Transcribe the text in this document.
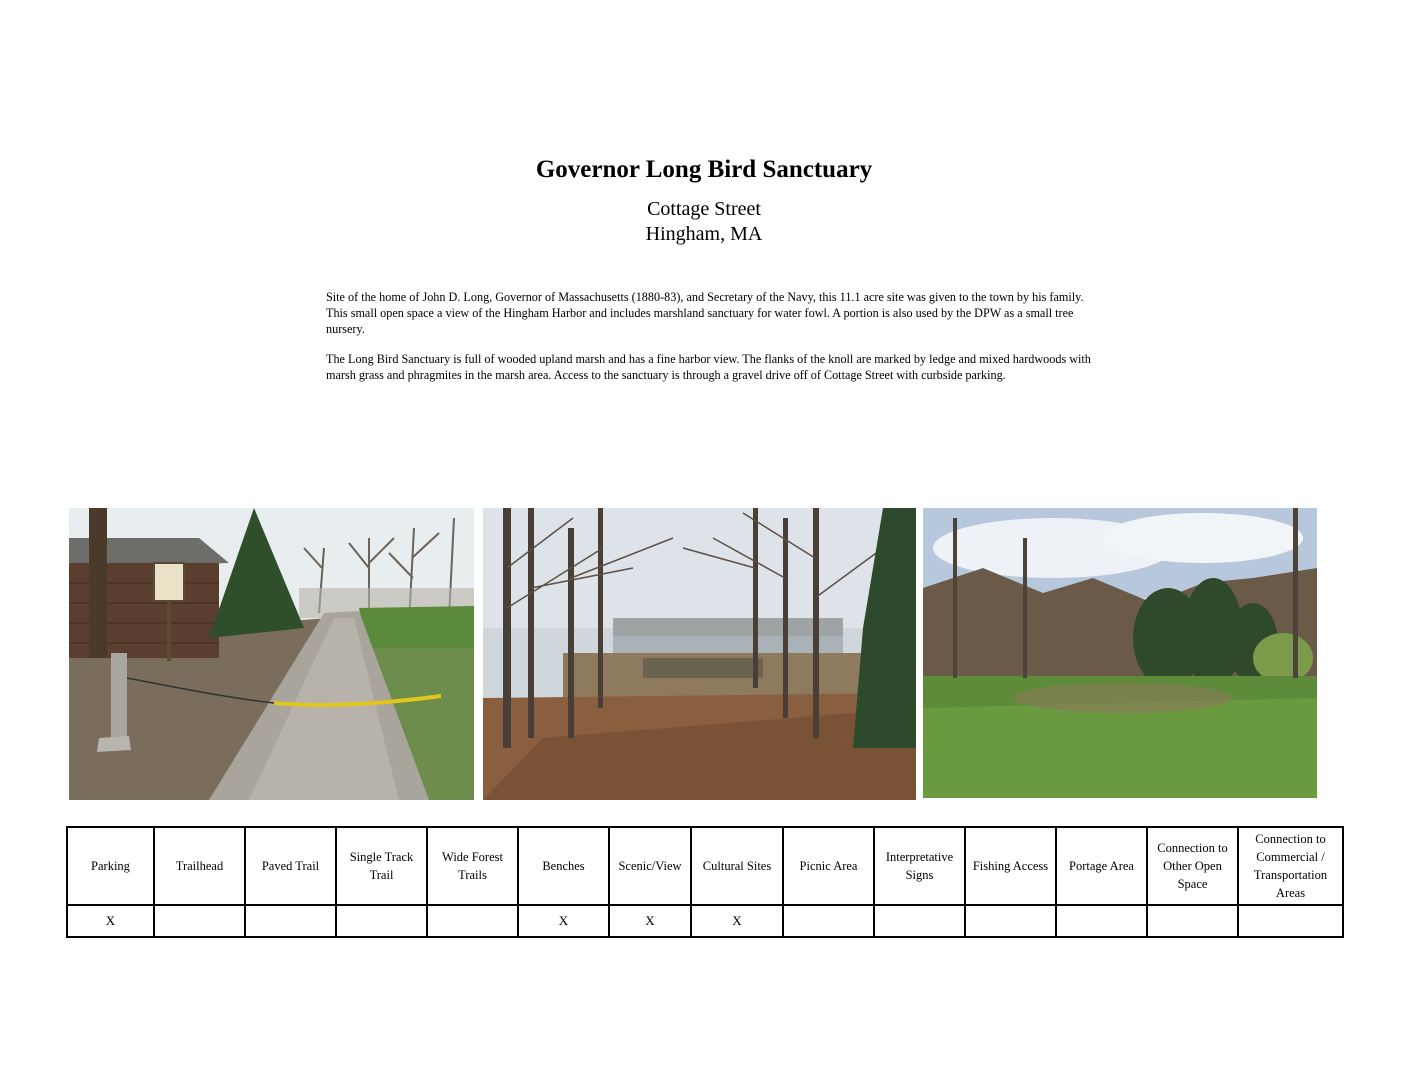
Governor Long Bird Sanctuary
Cottage Street
Hingham, MA
Site of the home of John D. Long, Governor of Massachusetts (1880-83), and Secretary of the Navy, this 11.1 acre site was given to the town by his family. This small open space a view of the Hingham Harbor and includes marshland sanctuary for water fowl. A portion is also used by the DPW as a small tree nursery.
The Long Bird Sanctuary is full of wooded upland marsh and has a fine harbor view. The flanks of the knoll are marked by ledge and mixed hardwoods with marsh grass and phragmites in the marsh area. Access to the sanctuary is through a gravel drive off of Cottage Street with curbside parking.
Parking	Trailhead	Paved Trail	Single Track Trail	Wide Forest Trails	Benches	Scenic/View	Cultural Sites	Picnic Area	Interpretative Signs	Fishing Access	Portage Area	Connection to Other Open Space	Connection to Commercial / Transportation Areas
X					X	X	X						
